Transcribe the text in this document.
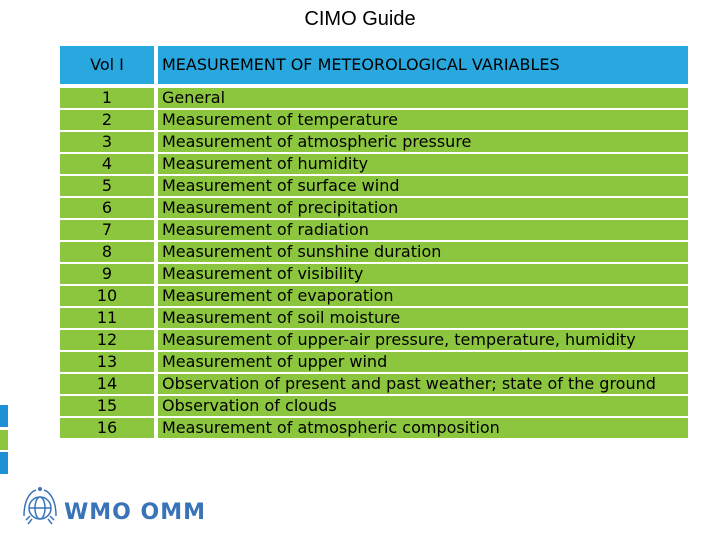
CIMO Guide
WMO OMM
Vol I	MEASUREMENT OF METEOROLOGICAL VARIABLES
1	General
2	Measurement of temperature
3	Measurement of atmospheric pressure
4	Measurement of humidity
5	Measurement of surface wind
6	Measurement of precipitation
7	Measurement of radiation
8	Measurement of sunshine duration
9	Measurement of visibility
10	Measurement of evaporation
11	Measurement of soil moisture
12	Measurement of upper-air pressure, temperature, humidity
13	Measurement of upper wind
14	Observation of present and past weather; state of the ground
15	Observation of clouds
16	Measurement of atmospheric composition
